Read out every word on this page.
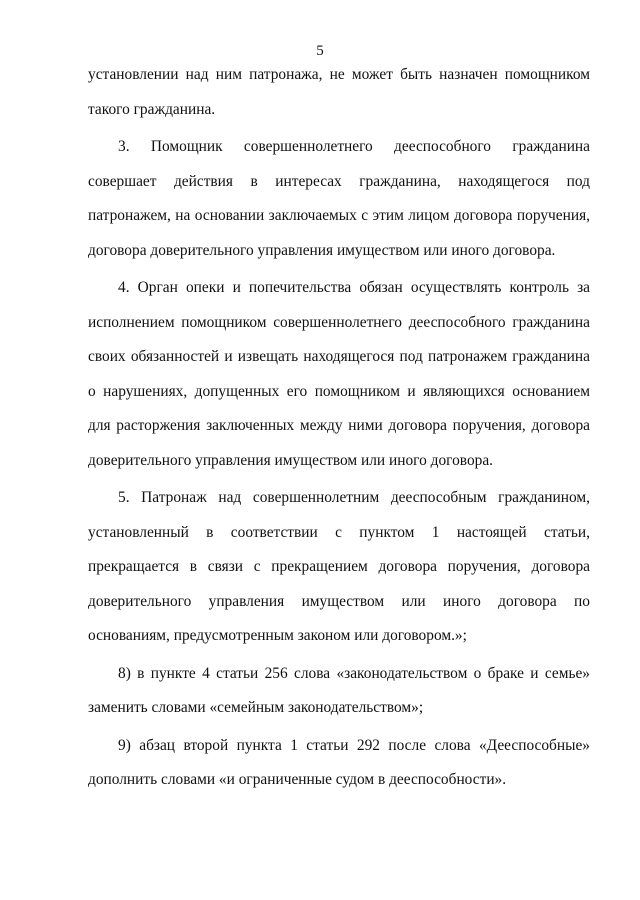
5

установлении над ним патронажа, не может быть назначен помощником такого гражданина.

3. Помощник совершеннолетнего дееспособного гражданина совершает действия в интересах гражданина, находящегося под патронажем, на основании заключаемых с этим лицом договора поручения, договора доверительного управления имуществом или иного договора.

4. Орган опеки и попечительства обязан осуществлять контроль за исполнением помощником совершеннолетнего дееспособного гражданина своих обязанностей и извещать находящегося под патронажем гражданина о нарушениях, допущенных его помощником и являющихся основанием для расторжения заключенных между ними договора поручения, договора доверительного управления имуществом или иного договора.

5. Патронаж над совершеннолетним дееспособным гражданином, установленный в соответствии с пунктом 1 настоящей статьи, прекращается в связи с прекращением договора поручения, договора доверительного управления имуществом или иного договора по основаниям, предусмотренным законом или договором.»;

8) в пункте 4 статьи 256 слова «законодательством о браке и семье» заменить словами «семейным законодательством»;

9) абзац второй пункта 1 статьи 292 после слова «Дееспособные» дополнить словами «и ограниченные судом в дееспособности».
